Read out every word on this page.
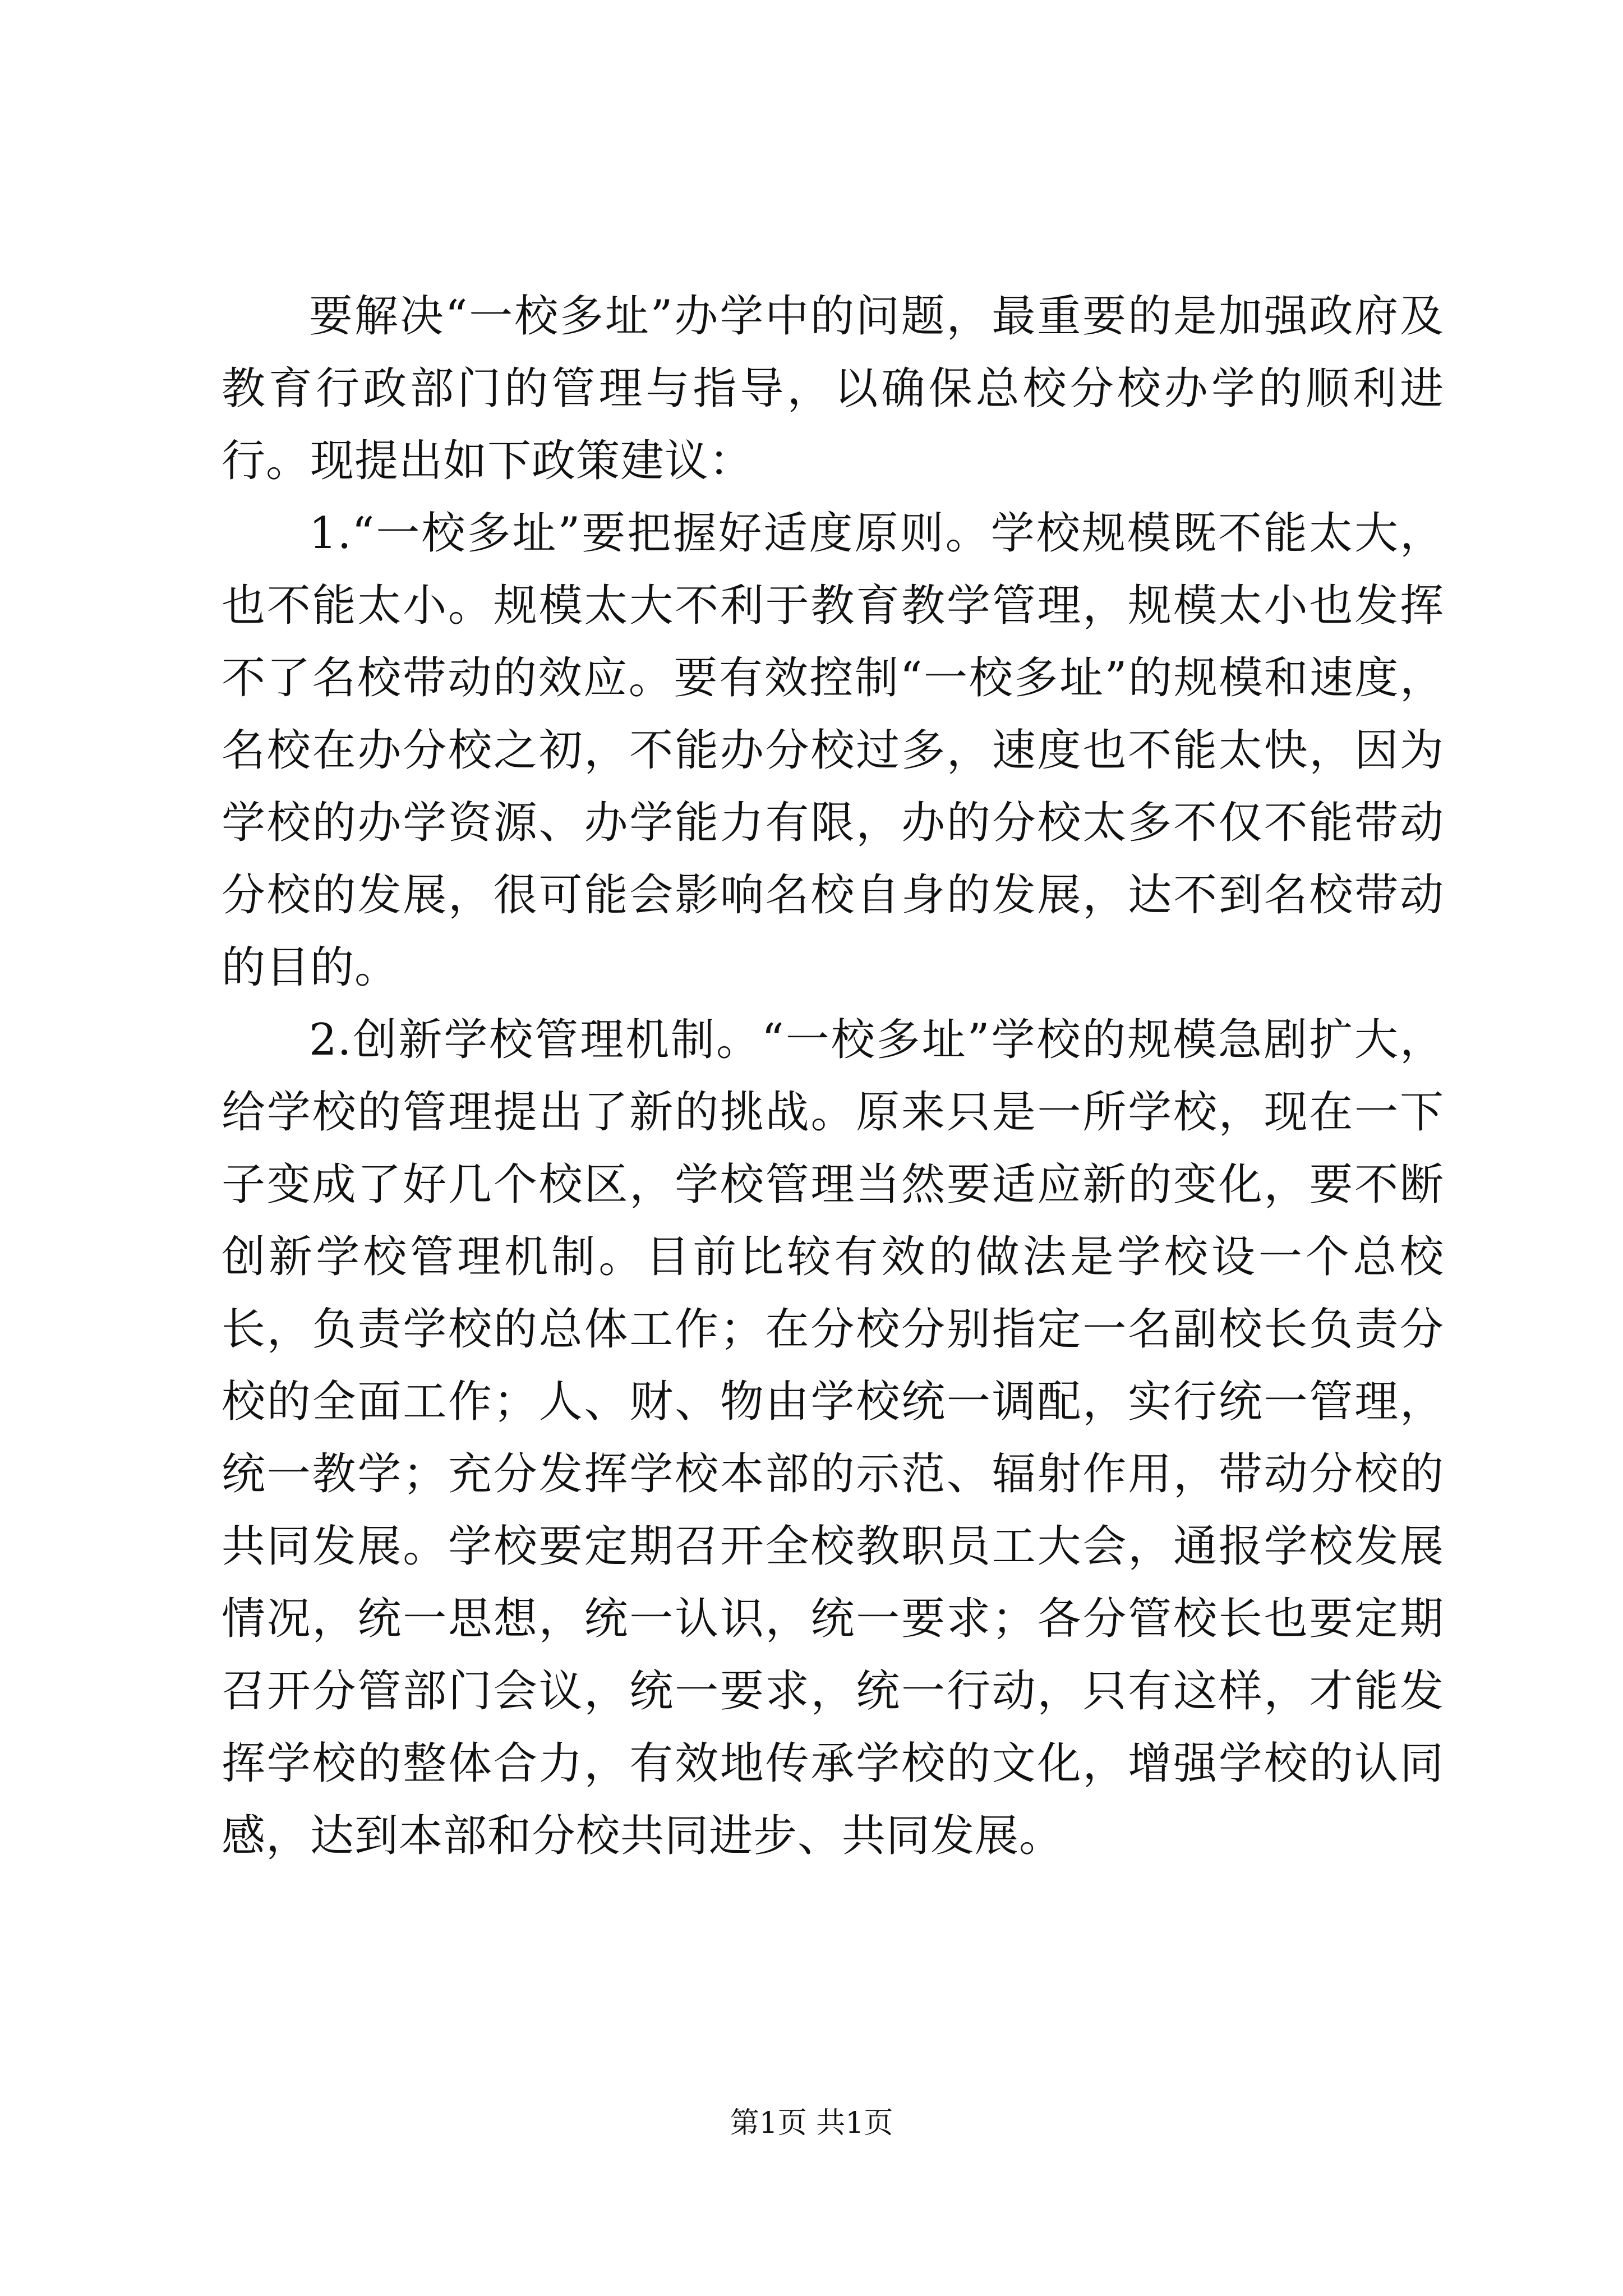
要解决“一校多址”办学中的问题，最重要的是加强政府及教育行政部门的管理与指导，以确保总校分校办学的顺利进行。现提出如下政策建议：

1.“一校多址”要把握好适度原则。学校规模既不能太大，也不能太小。规模太大不利于教育教学管理，规模太小也发挥不了名校带动的效应。要有效控制“一校多址”的规模和速度，名校在办分校之初，不能办分校过多，速度也不能太快，因为学校的办学资源、办学能力有限，办的分校太多不仅不能带动分校的发展，很可能会影响名校自身的发展，达不到名校带动的目的。

2.创新学校管理机制。“一校多址”学校的规模急剧扩大，给学校的管理提出了新的挑战。原来只是一所学校，现在一下子变成了好几个校区，学校管理当然要适应新的变化，要不断创新学校管理机制。目前比较有效的做法是学校设一个总校长，负责学校的总体工作；在分校分别指定一名副校长负责分校的全面工作；人、财、物由学校统一调配，实行统一管理，统一教学；充分发挥学校本部的示范、辐射作用，带动分校的共同发展。学校要定期召开全校教职员工大会，通报学校发展情况，统一思想，统一认识，统一要求；各分管校长也要定期召开分管部门会议，统一要求，统一行动，只有这样，才能发挥学校的整体合力，有效地传承学校的文化，增强学校的认同感，达到本部和分校共同进步、共同发展。

第1页 共1页
